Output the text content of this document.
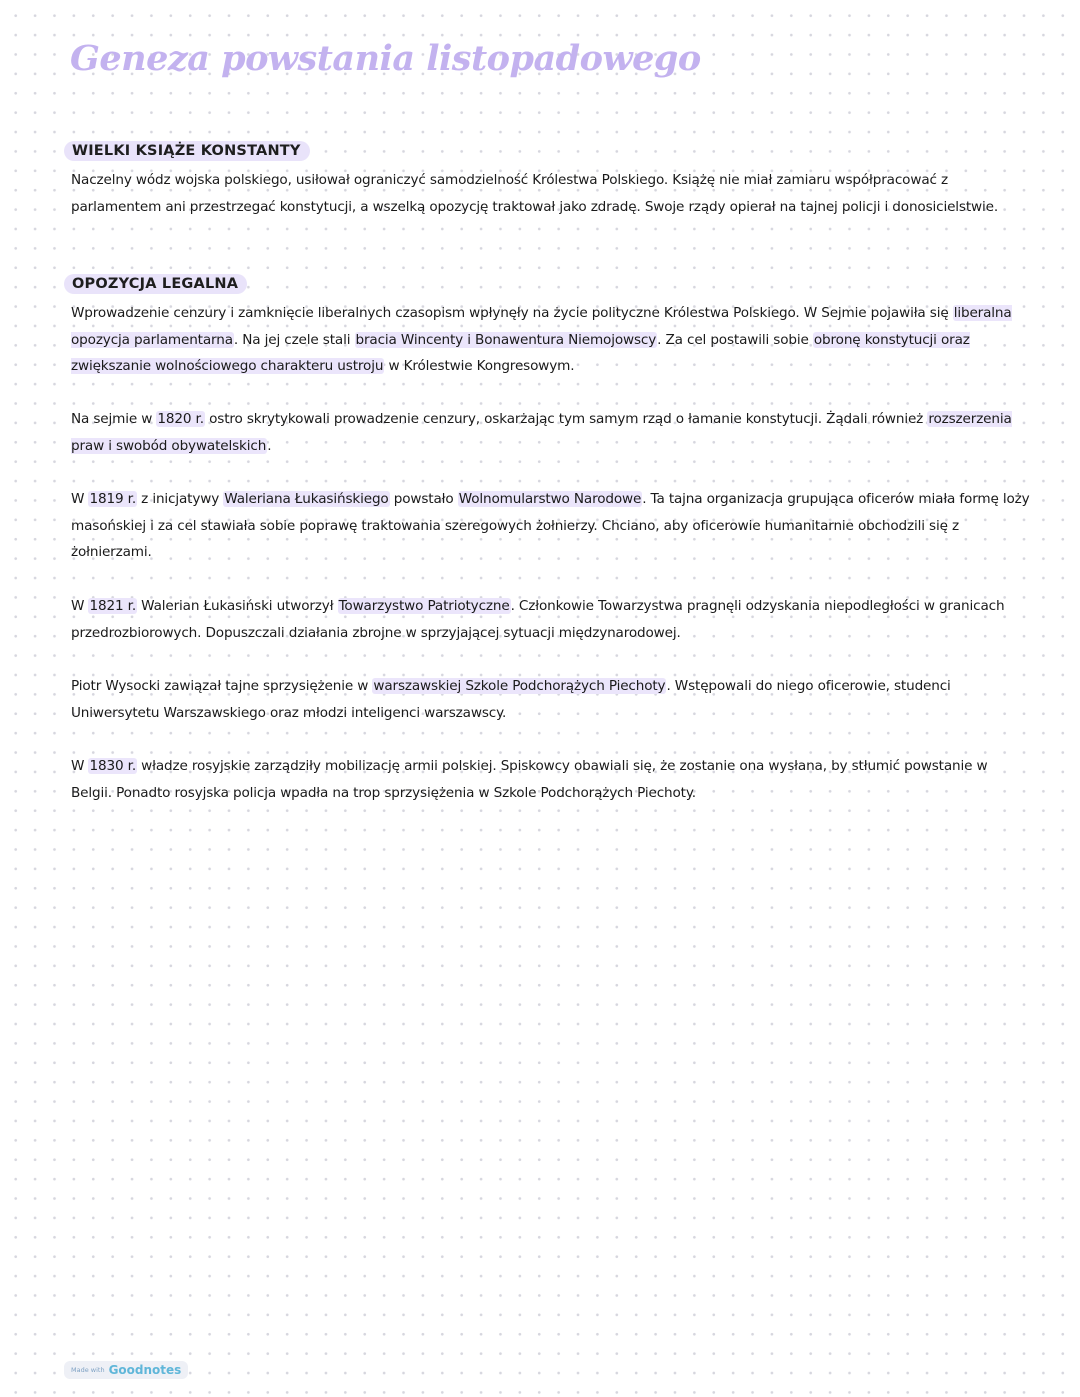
Geneza powstania listopadowego
WIELKI KSIĄŻE KONSTANTY

Naczelny wódz wojska polskiego, usiłował ograniczyć samodzielność Królestwa Polskiego. Książę nie miał zamiaru współpracować z parlamentem ani przestrzegać konstytucji, a wszelką opozycję traktował jako zdradę. Swoje rządy opierał na tajnej policji i donosicielstwie.

OPOZYCJA LEGALNA

Wprowadzenie cenzury i zamknięcie liberalnych czasopism wpłynęły na życie polityczne Królestwa Polskiego. W Sejmie pojawiła się liberalna opozycja parlamentarna. Na jej czele stali bracia Wincenty i Bonawentura Niemojowscy. Za cel postawili sobie obronę konstytucji oraz zwiększanie wolnościowego charakteru ustroju w Królestwie Kongresowym.

Na sejmie w 1820 r. ostro skrytykowali prowadzenie cenzury, oskarżając tym samym rząd o łamanie konstytucji. Żądali również rozszerzenia praw i swobód obywatelskich.

W 1819 r. z inicjatywy Waleriana Łukasińskiego powstało Wolnomularstwo Narodowe. Ta tajna organizacja grupująca oficerów miała formę loży masońskiej i za cel stawiała sobie poprawę traktowania szeregowych żołnierzy. Chciano, aby oficerowie humanitarnie obchodzili się z żołnierzami.

W 1821 r. Walerian Łukasiński utworzył Towarzystwo Patriotyczne. Członkowie Towarzystwa pragnęli odzyskania niepodległości w granicach przedrozbiorowych. Dopuszczali działania zbrojne w sprzyjającej sytuacji międzynarodowej.

Piotr Wysocki zawiązał tajne sprzysiężenie w warszawskiej Szkole Podchorążych Piechoty. Wstępowali do niego oficerowie, studenci Uniwersytetu Warszawskiego oraz młodzi inteligenci warszawscy.

W 1830 r. władze rosyjskie zarządziły mobilizację armii polskiej. Spiskowcy obawiali się, że zostanie ona wysłana, by stłumić powstanie w Belgii. Ponadto rosyjska policja wpadła na trop sprzysiężenia w Szkole Podchorążych Piechoty.

Made with Goodnotes
